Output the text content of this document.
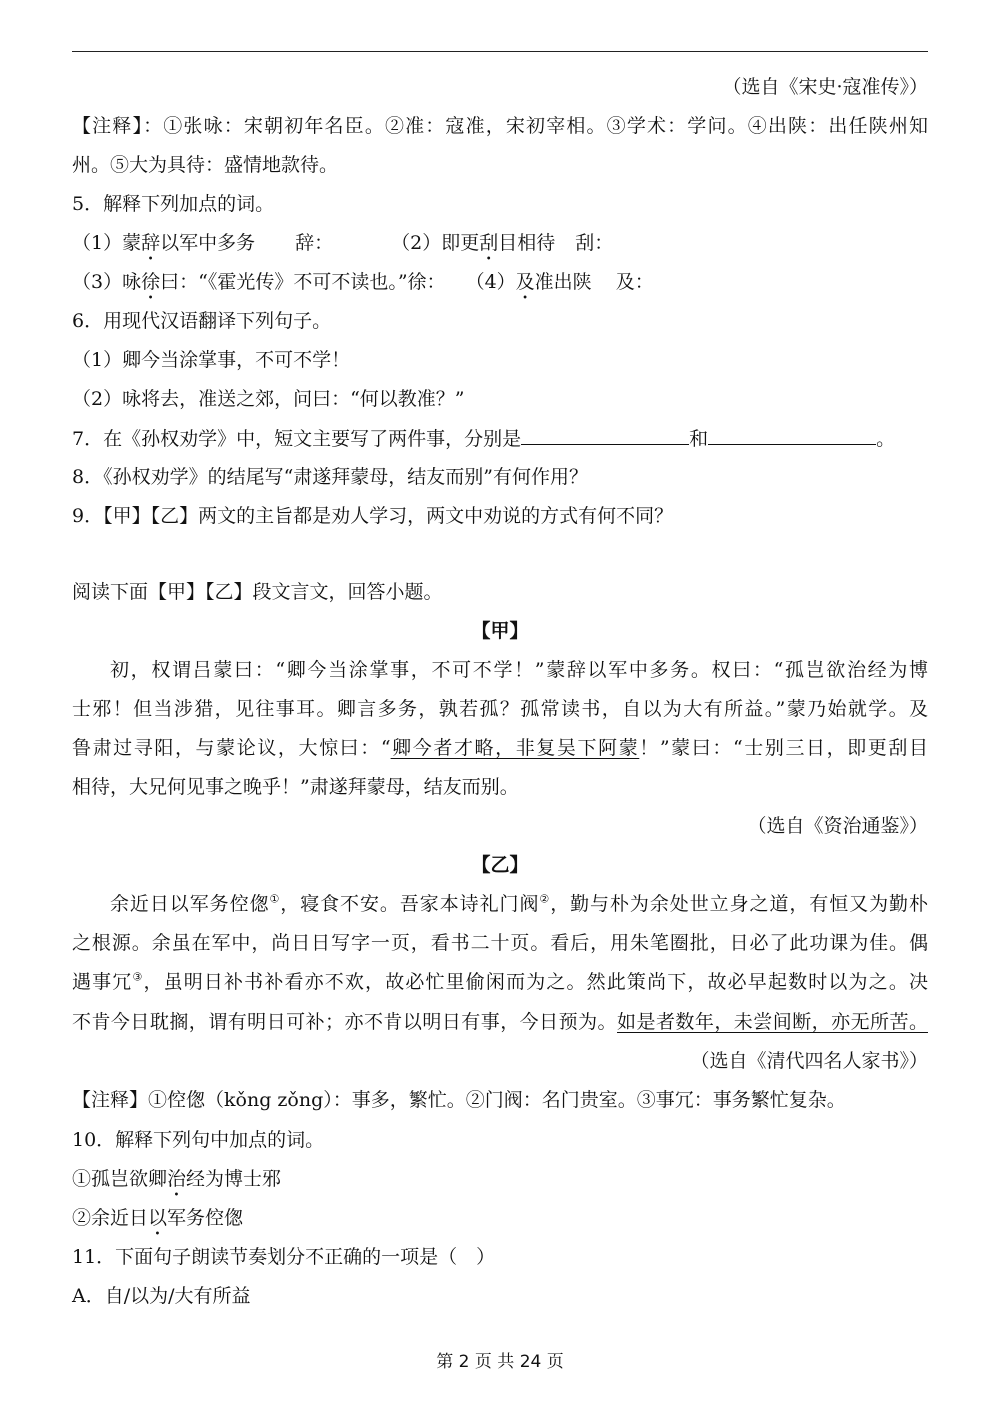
（选自《宋史·寇准传》）
【注释】：①张咏：宋朝初年名臣。②准：寇准，宋初宰相。③学术：学问。④出陕：出任陕州知
州。⑤大为具待：盛情地款待。
5．解释下列加点的词。
（1）蒙辞以军中多务 辞：	（2）即更刮目相待 刮：
（3）咏徐曰：“《霍光传》不可不读也。”徐： （4）及准出陕 及：
6．用现代汉语翻译下列句子。
（1）卿今当涂掌事，不可不学！
（2）咏将去，准送之郊，问曰：“何以教准？”
7．在《孙权劝学》中，短文主要写了两件事，分别是	和	。
8．《孙权劝学》的结尾写“肃遂拜蒙母，结友而别”有何作用？
9．【甲】【乙】两文的主旨都是劝人学习，两文中劝说的方式有何不同？
阅读下面【甲】【乙】段文言文，回答小题。
【甲】
初，权谓吕蒙曰：“卿今当涂掌事，不可不学！”蒙辞以军中多务。权曰：“孤岂欲治经为博
士邪！但当涉猎，见往事耳。卿言多务，孰若孤？孤常读书，自以为大有所益。”蒙乃始就学。及
鲁肃过寻阳，与蒙论议，大惊曰：“卿今者才略，非复吴下阿蒙！”蒙曰：“士别三日，即更刮目
相待，大兄何见事之晚乎！”肃遂拜蒙母，结友而别。
（选自《资治通鉴》）
【乙】
余近日以军务倥偬①，寝食不安。吾家本诗礼门阀②，勤与朴为余处世立身之道，有恒又为勤朴
之根源。余虽在军中，尚日日写字一页，看书二十页。看后，用朱笔圈批，日必了此功课为佳。偶
遇事冗③，虽明日补书补看亦不欢，故必忙里偷闲而为之。然此策尚下，故必早起数时以为之。决
不肯今日耽搁，谓有明日可补；亦不肯以明日有事，今日预为。如是者数年，未尝间断，亦无所苦。
（选自《清代四名人家书》）
【注释】①倥偬（kǒng zǒng）：事多，繁忙。②门阀：名门贵室。③事冗：事务繁忙复杂。
10．解释下列句中加点的词。
①孤岂欲卿治经为博士邪
②余近日以军务倥偬
11．下面句子朗读节奏划分不正确的一项是（　）
A．自/以为/大有所益
第 2 页 共 24 页
